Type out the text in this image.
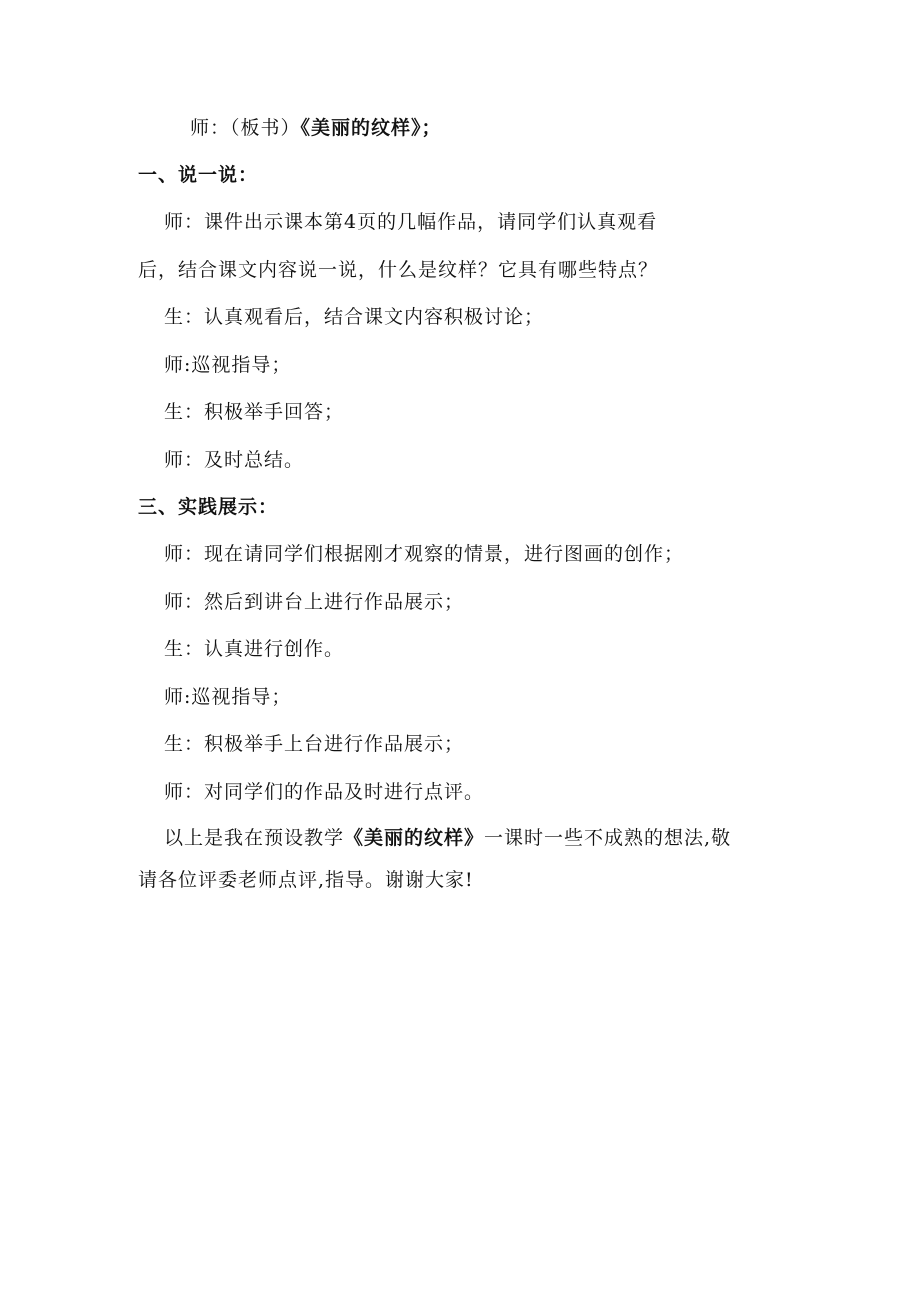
师：（板书）《美丽的纹样》；
一、说一说：
师：课件出示课本第4页的几幅作品，请同学们认真观看
后，结合课文内容说一说，什么是纹样？它具有哪些特点？
生：认真观看后，结合课文内容积极讨论；
师:巡视指导；
生：积极举手回答；
师：及时总结。
三、实践展示：
师：现在请同学们根据刚才观察的情景，进行图画的创作；
师：然后到讲台上进行作品展示；
生：认真进行创作。
师:巡视指导；
生：积极举手上台进行作品展示；
师：对同学们的作品及时进行点评。
以上是我在预设教学《美丽的纹样》一课时一些不成熟的想法,敬
请各位评委老师点评,指导。谢谢大家!
